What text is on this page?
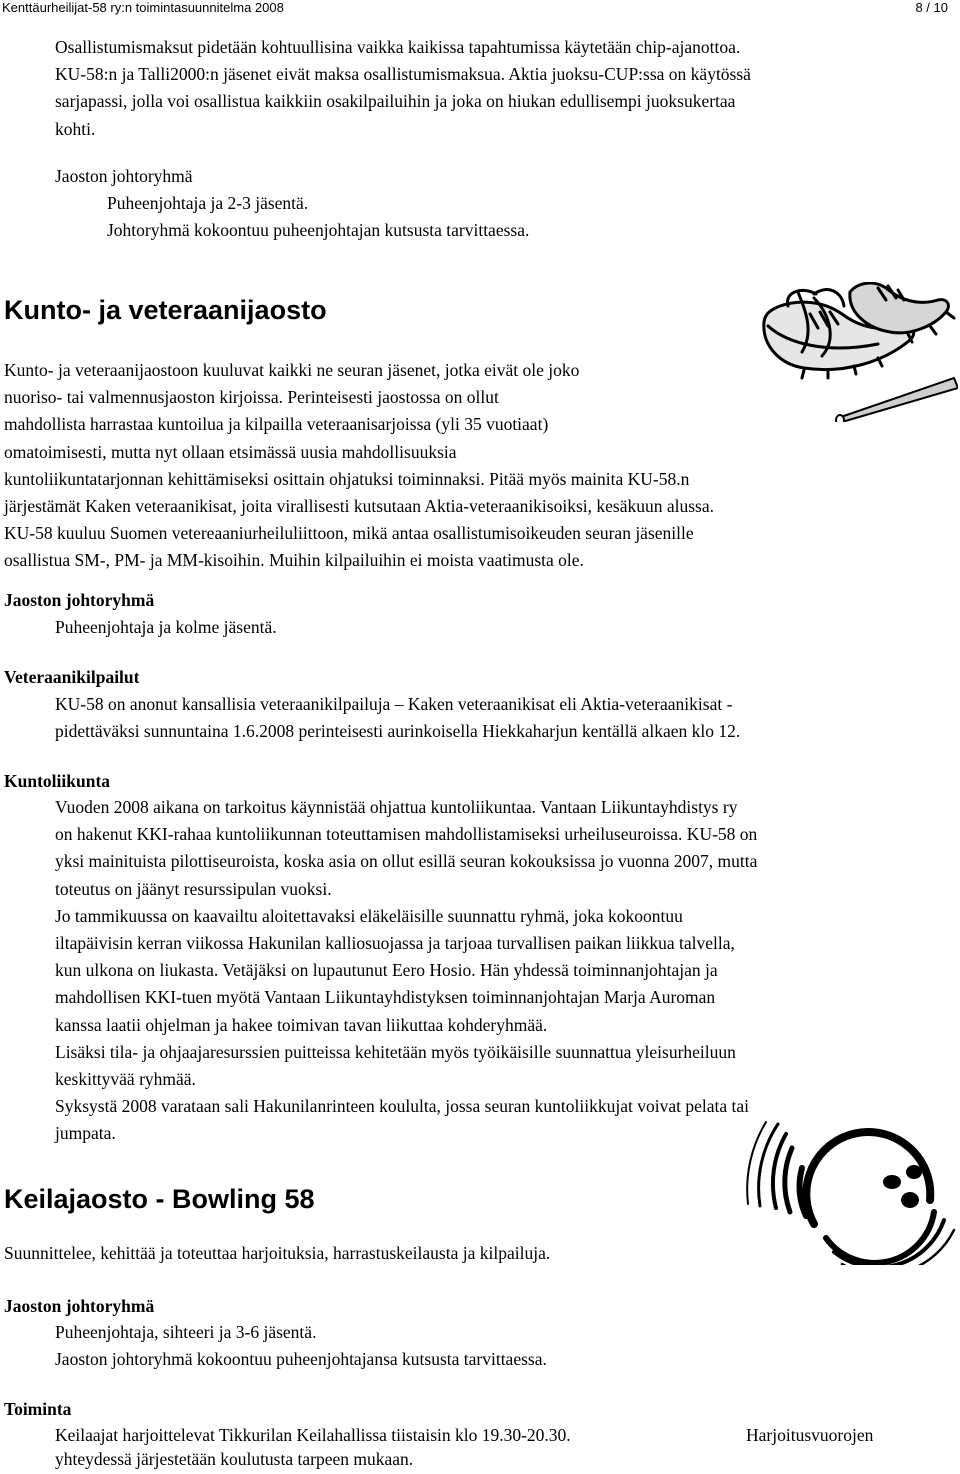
Kenttäurheilijat-58 ry:n toimintasuunnitelma 2008	8 / 10

Osallistumismaksut pidetään kohtuullisina vaikka kaikissa tapahtumissa käytetään chip-ajanottoa.

KU-58:n ja Talli2000:n jäsenet eivät maksa osallistumismaksua. Aktia juoksu-CUP:ssa on käytössä

sarjapassi, jolla voi osallistua kaikkiin osakilpailuihin ja joka on hiukan edullisempi juoksukertaa

kohti.

Jaoston johtoryhmä

Puheenjohtaja ja 2-3 jäsentä.

Johtoryhmä kokoontuu puheenjohtajan kutsusta tarvittaessa.

Kunto- ja veteraanijaosto

Kunto- ja veteraanijaostoon kuuluvat kaikki ne seuran jäsenet, jotka eivät ole joko

nuoriso- tai valmennusjaoston kirjoissa. Perinteisesti jaostossa on ollut

mahdollista harrastaa kuntoilua ja kilpailla veteraanisarjoissa (yli 35 vuotiaat)

omatoimisesti, mutta nyt ollaan etsimässä uusia mahdollisuuksia

kuntoliikuntatarjonnan kehittämiseksi osittain ohjatuksi toiminnaksi. Pitää myös mainita KU-58.n

järjestämät Kaken veteraanikisat, joita virallisesti kutsutaan Aktia-veteraanikisoiksi, kesäkuun alussa.

KU-58 kuuluu Suomen vetereaaniurheiluliittoon, mikä antaa osallistumisoikeuden seuran jäsenille

osallistua SM-, PM- ja MM-kisoihin. Muihin kilpailuihin ei moista vaatimusta ole.

Jaoston johtoryhmä

Puheenjohtaja ja kolme jäsentä.

Veteraanikilpailut

KU-58 on anonut kansallisia veteraanikilpailuja – Kaken veteraanikisat eli Aktia-veteraanikisat -

pidettäväksi sunnuntaina 1.6.2008 perinteisesti aurinkoisella Hiekkaharjun kentällä alkaen klo 12.

Kuntoliikunta

Vuoden 2008 aikana on tarkoitus käynnistää ohjattua kuntoliikuntaa. Vantaan Liikuntayhdistys ry

on hakenut KKI-rahaa kuntoliikunnan toteuttamisen mahdollistamiseksi urheiluseuroissa. KU-58 on

yksi mainituista pilottiseuroista, koska asia on ollut esillä seuran kokouksissa jo vuonna 2007, mutta

toteutus on jäänyt resurssipulan vuoksi.

Jo tammikuussa on kaavailtu aloitettavaksi eläkeläisille suunnattu ryhmä, joka kokoontuu

iltapäivisin kerran viikossa Hakunilan kalliosuojassa ja tarjoaa turvallisen paikan liikkua talvella,

kun ulkona on liukasta. Vetäjäksi on lupautunut Eero Hosio. Hän yhdessä toiminnanjohtajan ja

mahdollisen KKI-tuen myötä Vantaan Liikuntayhdistyksen toiminnanjohtajan Marja Auroman

kanssa laatii ohjelman ja hakee toimivan tavan liikuttaa kohderyhmää.

Lisäksi tila- ja ohjaajaresurssien puitteissa kehitetään myös työikäisille suunnattua yleisurheiluun

keskittyvää ryhmää.

Syksystä 2008 varataan sali Hakunilanrinteen koululta, jossa seuran kuntoliikkujat voivat pelata tai

jumpata.

Keilajaosto - Bowling 58

Suunnittelee, kehittää ja toteuttaa harjoituksia, harrastuskeilausta ja kilpailuja.

Jaoston johtoryhmä

Puheenjohtaja, sihteeri ja 3-6 jäsentä.

Jaoston johtoryhmä kokoontuu puheenjohtajansa kutsusta tarvittaessa.

Toiminta

Keilaajat harjoittelevat Tikkurilan Keilahallissa tiistaisin klo 19.30-20.30.	Harjoitusvuorojen

yhteydessä järjestetään koulutusta tarpeen mukaan.
